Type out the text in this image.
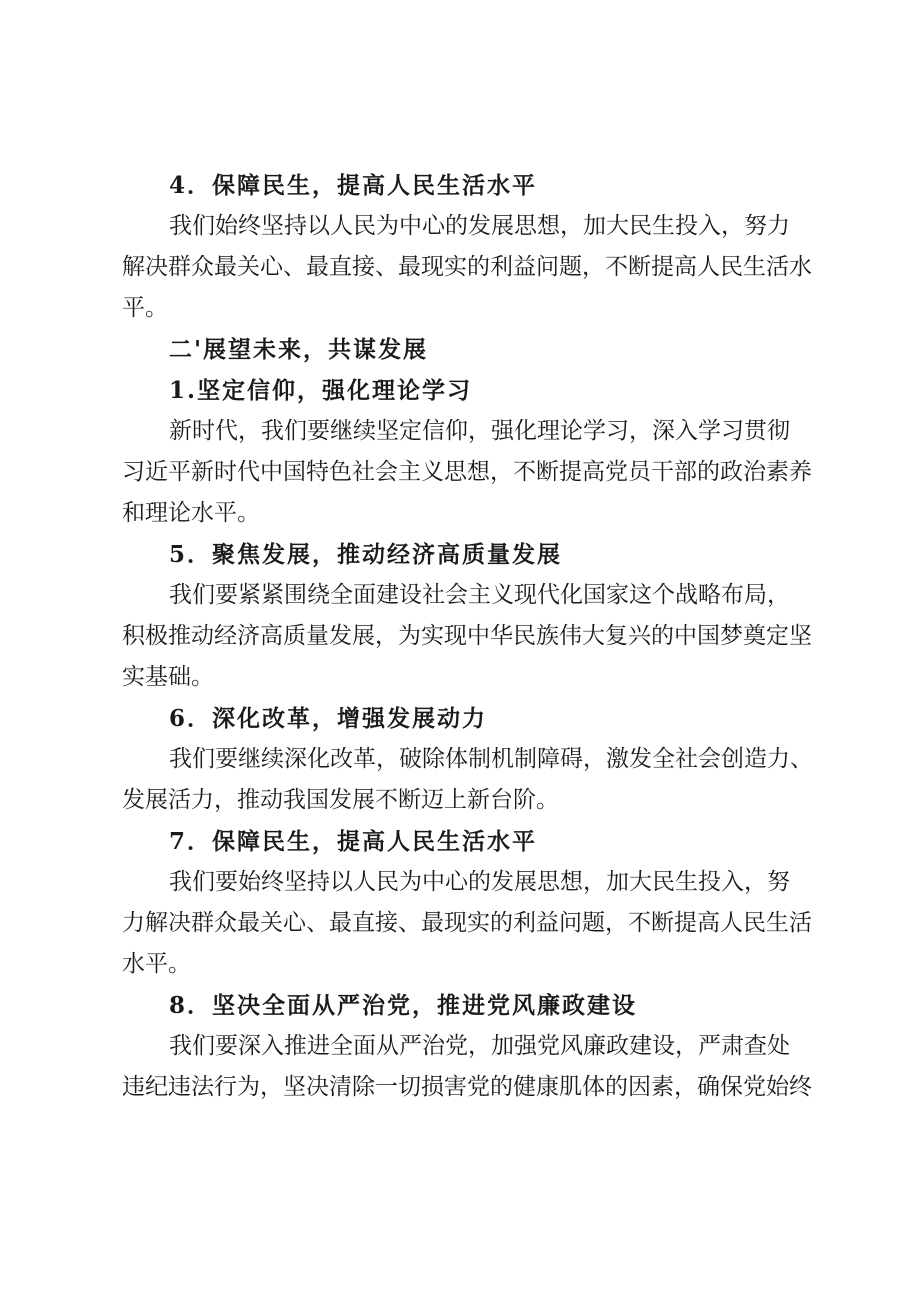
4．保障民生，提高人民生活水平

我们始终坚持以人民为中心的发展思想，加大民生投入，努力
解决群众最关心、最直接、最现实的利益问题，不断提高人民生活水
平。

二'展望未来，共谋发展

1.坚定信仰，强化理论学习

新时代，我们要继续坚定信仰，强化理论学习，深入学习贯彻
习近平新时代中国特色社会主义思想，不断提高党员干部的政治素养
和理论水平。

5．聚焦发展，推动经济高质量发展

我们要紧紧围绕全面建设社会主义现代化国家这个战略布局，
积极推动经济高质量发展，为实现中华民族伟大复兴的中国梦奠定坚
实基础。

6．深化改革，增强发展动力

我们要继续深化改革，破除体制机制障碍，激发全社会创造力、
发展活力，推动我国发展不断迈上新台阶。

7．保障民生，提高人民生活水平

我们要始终坚持以人民为中心的发展思想，加大民生投入，努
力解决群众最关心、最直接、最现实的利益问题，不断提高人民生活
水平。

8．坚决全面从严治党，推进党风廉政建设

我们要深入推进全面从严治党，加强党风廉政建设，严肃查处
违纪违法行为，坚决清除一切损害党的健康肌体的因素，确保党始终
